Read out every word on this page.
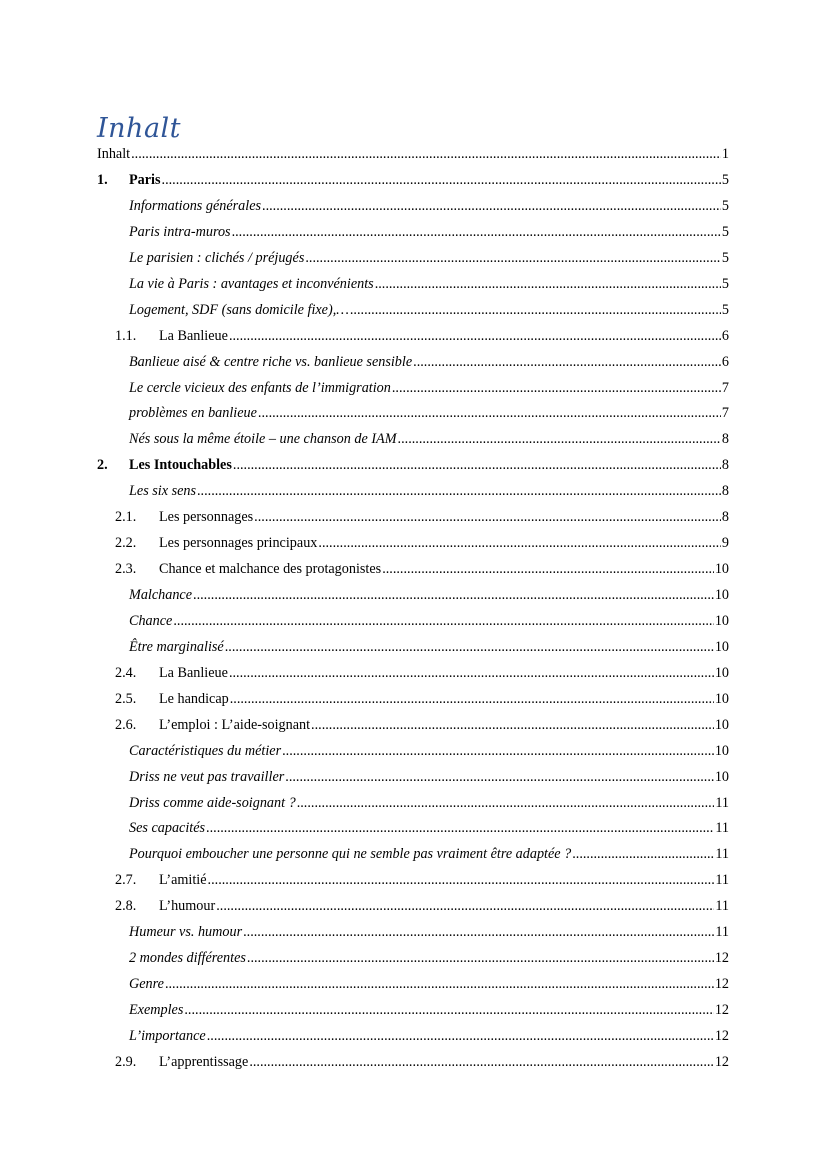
Inhalt
Inhalt .....	1
1.	Paris .....	5
Informations générales .....	5
Paris intra-muros .....	5
Le parisien : clichés / préjugés .....	5
La vie à Paris : avantages et inconvénients .....	5
Logement, SDF (sans domicile fixe),… .....	5
1.1.	La Banlieue .....	6
Banlieue aisé & centre riche vs. banlieue sensible .....	6
Le cercle vicieux des enfants de l’immigration .....	7
problèmes en banlieue .....	7
Nés sous la même étoile – une chanson de IAM .....	8
2.	Les Intouchables .....	8
Les six sens .....	8
2.1.	Les personnages .....	8
2.2.	Les personnages principaux .....	9
2.3.	Chance et malchance des protagonistes .....	10
Malchance .....	10
Chance .....	10
Être marginalisé .....	10
2.4.	La Banlieue .....	10
2.5.	Le handicap .....	10
2.6.	L’emploi : L’aide-soignant .....	10
Caractéristiques du métier .....	10
Driss ne veut pas travailler .....	10
Driss comme aide-soignant ? .....	11
Ses capacités .....	11
Pourquoi emboucher une personne qui ne semble pas vraiment être adaptée ? .....	11
2.7.	L’amitié .....	11
2.8.	L’humour .....	11
Humeur vs. humour .....	11
2 mondes différentes .....	12
Genre .....	12
Exemples .....	12
L’importance .....	12
2.9.	L’apprentissage .....	12
